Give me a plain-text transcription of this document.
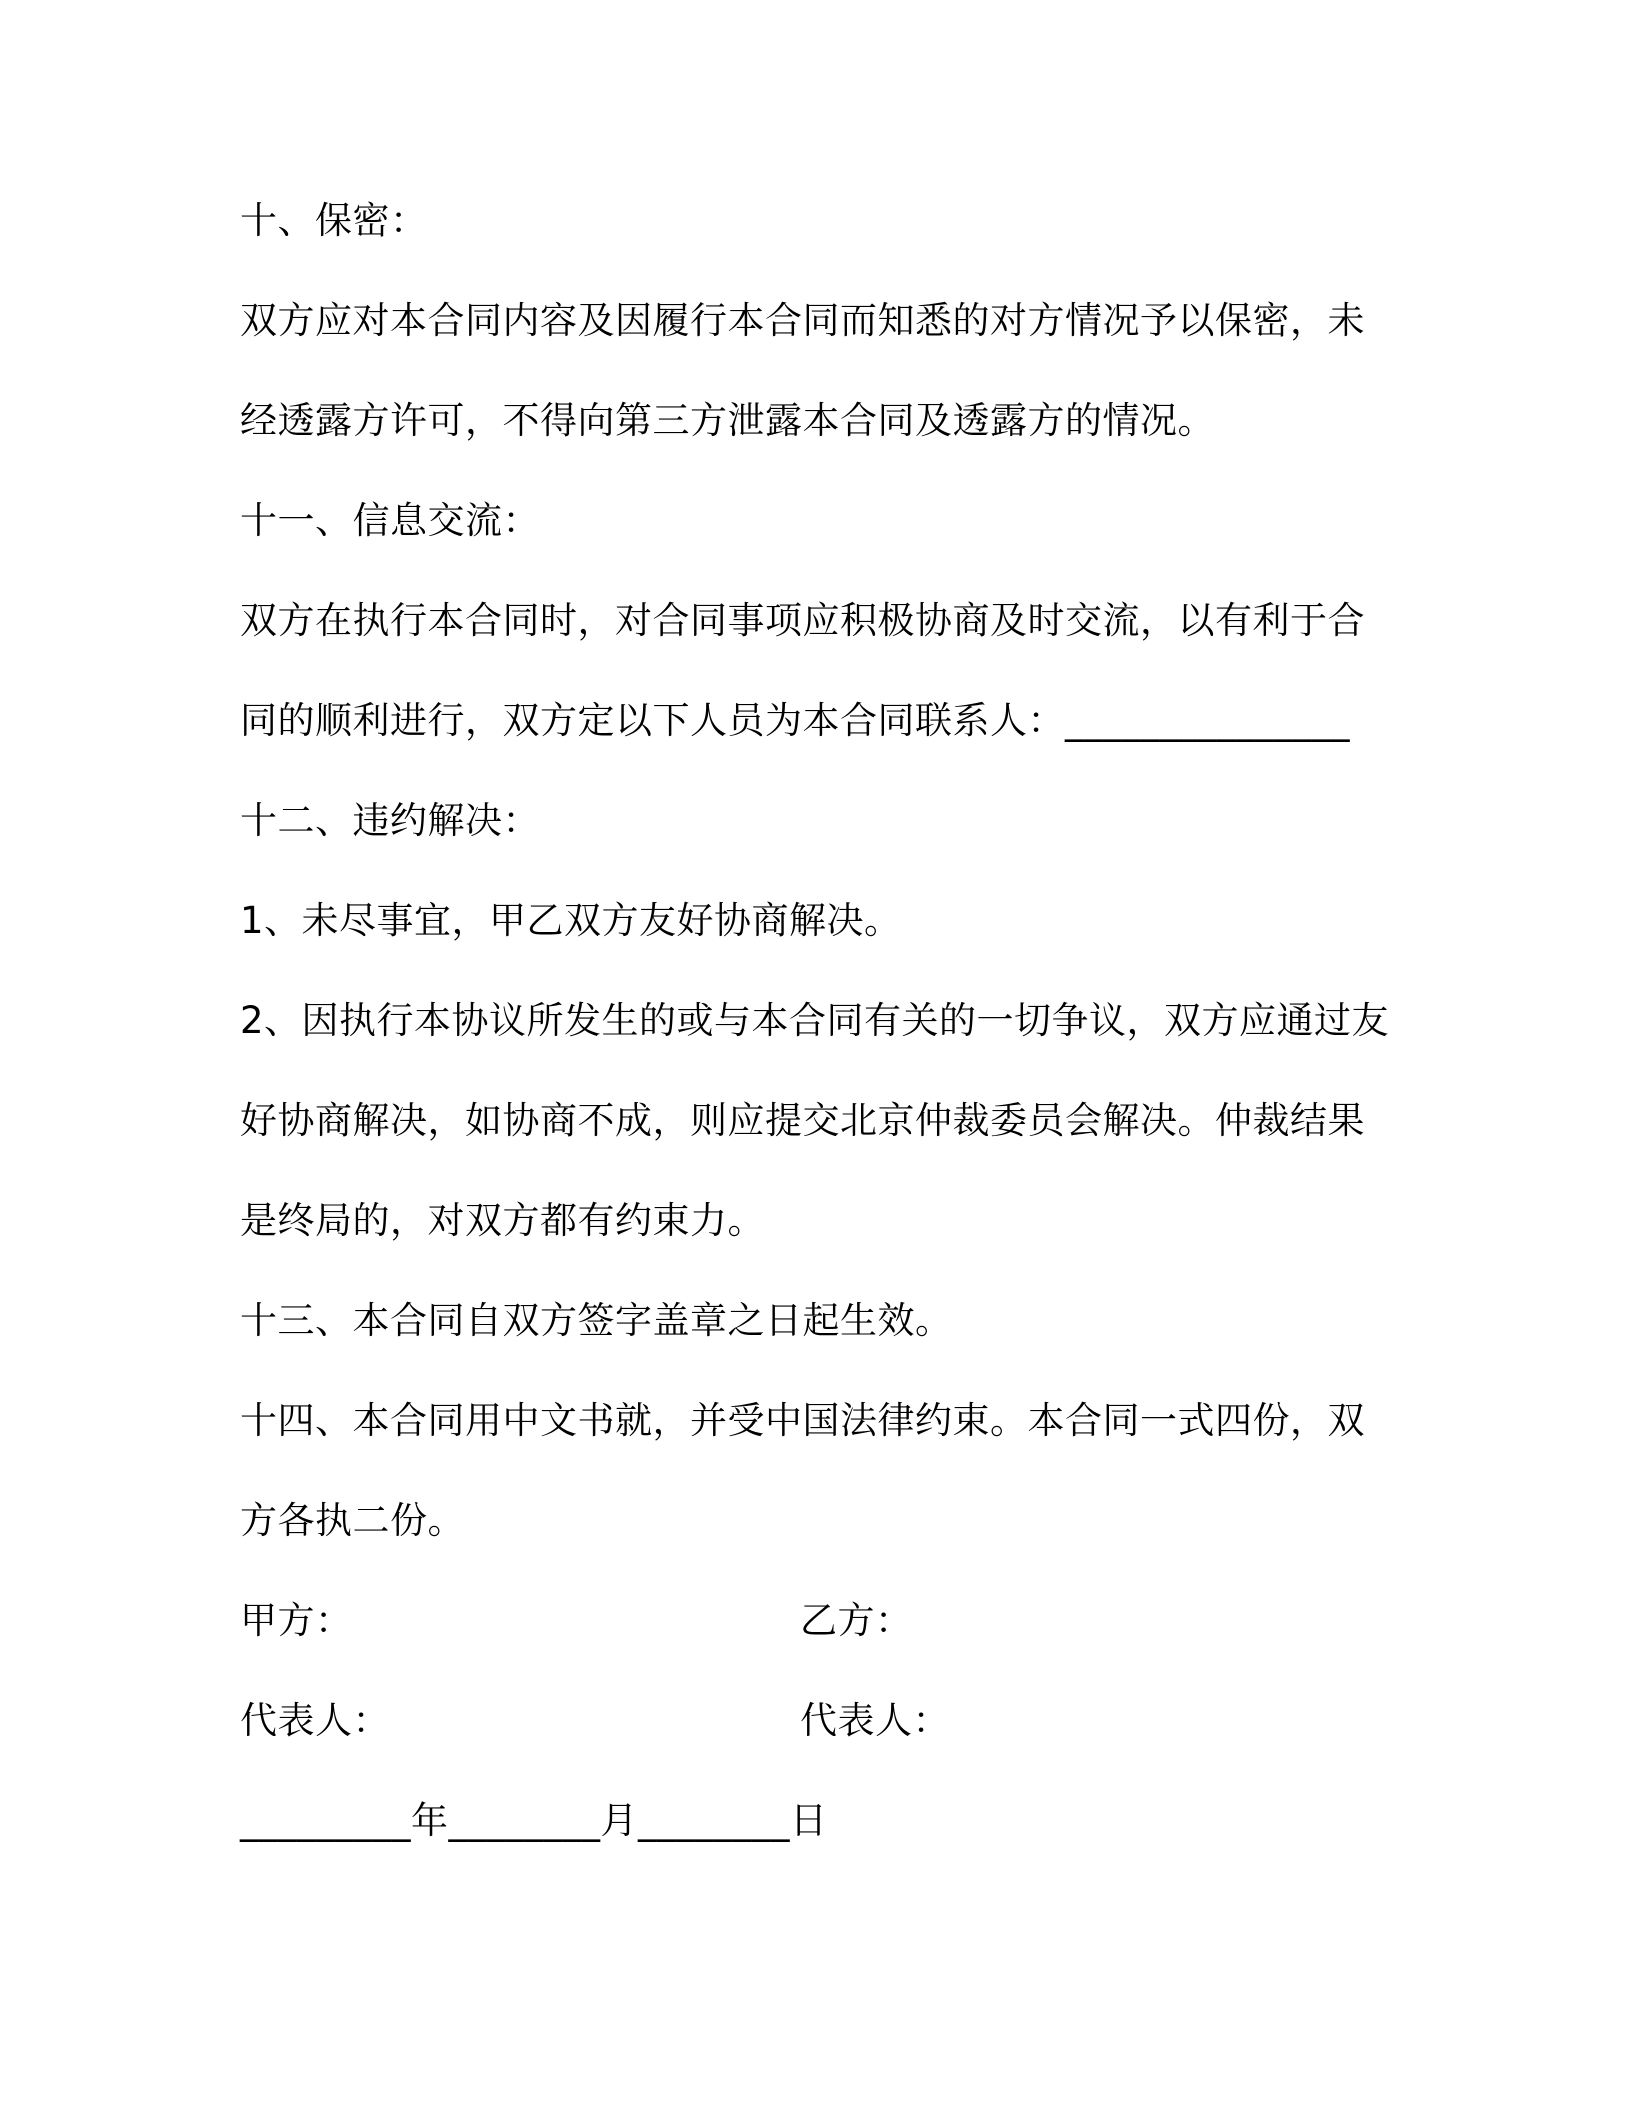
十、保密：
双方应对本合同内容及因履行本合同而知悉的对方情况予以保密，未
经透露方许可，不得向第三方泄露本合同及透露方的情况。
十一、信息交流：
双方在执行本合同时，对合同事项应积极协商及时交流，以有利于合
同的顺利进行，双方定以下人员为本合同联系人：_______________
十二、违约解决：
1、未尽事宜，甲乙双方友好协商解决。
2、因执行本协议所发生的或与本合同有关的一切争议，双方应通过友
好协商解决，如协商不成，则应提交北京仲裁委员会解决。仲裁结果
是终局的，对双方都有约束力。
十三、本合同自双方签字盖章之日起生效。
十四、本合同用中文书就，并受中国法律约束。本合同一式四份，双
方各执二份。
甲方：	乙方：
代表人：	代表人：
_________年________月________日
